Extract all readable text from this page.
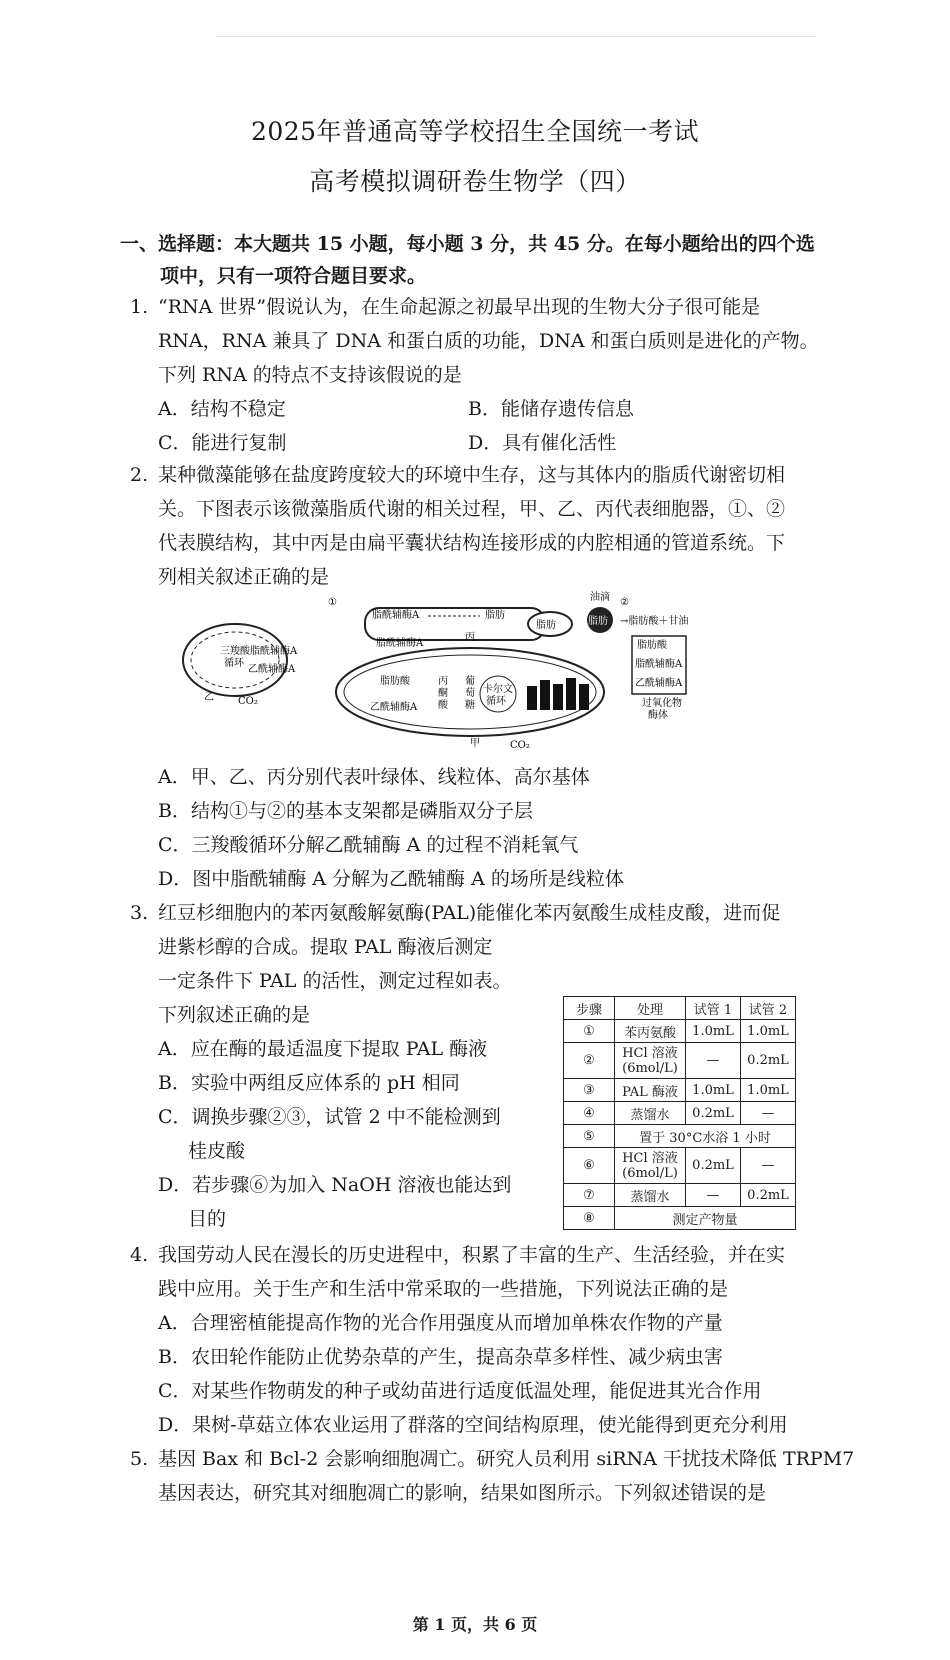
2025年普通高等学校招生全国统一考试
高考模拟调研卷生物学（四）
一、选择题：本大题共 15 小题，每小题 3 分，共 45 分。在每小题给出的四个选
项中，只有一项符合题目要求。
1. “RNA 世界”假说认为，在生命起源之初最早出现的生物大分子很可能是
RNA，RNA 兼具了 DNA 和蛋白质的功能，DNA 和蛋白质则是进化的产物。
下列 RNA 的特点不支持该假说的是
A．结构不稳定	B．能储存遗传信息
C．能进行复制	D．具有催化活性
2. 某种微藻能够在盐度跨度较大的环境中生存，这与其体内的脂质代谢密切相
关。下图表示该微藻脂质代谢的相关过程，甲、乙、丙代表细胞器，①、②
代表膜结构，其中丙是由扁平囊状结构连接形成的内腔相通的管道系统。下
列相关叙述正确的是
①
脂酰辅酶A	脂肪
脂肪
油滴
脂肪
②
→脂肪酸＋甘油
脂肪酸
脂酰辅酶A
乙酰辅酶A
过氧化物
酶体
脂酰辅酶A
丙
三羧酸
循环
脂酰辅酶A
乙酰辅酶A
乙 CO₂
脂肪酸
乙酰辅酶A
丙
酮
酸
葡
萄
糖
卡尔文
循环
甲	CO₂
A．甲、乙、丙分别代表叶绿体、线粒体、高尔基体
B．结构①与②的基本支架都是磷脂双分子层
C．三羧酸循环分解乙酰辅酶 A 的过程不消耗氧气
D．图中脂酰辅酶 A 分解为乙酰辅酶 A 的场所是线粒体
3. 红豆杉细胞内的苯丙氨酸解氨酶(PAL)能催化苯丙氨酸生成桂皮酸，进而促
进紫杉醇的合成。提取 PAL 酶液后测定
一定条件下 PAL 的活性，测定过程如表。
下列叙述正确的是
A．应在酶的最适温度下提取 PAL 酶液
B．实验中两组反应体系的 pH 相同
C．调换步骤②③，试管 2 中不能检测到
桂皮酸
D．若步骤⑥为加入 NaOH 溶液也能达到
目的
步骤	处理	试管 1	试管 2
①	苯丙氨酸	1.0mL	1.0mL
②	HCl 溶液
(6mol/L)	—	0.2mL
③	PAL 酶液	1.0mL	1.0mL
④	蒸馏水	0.2mL	—
⑤	置于 30°C水浴 1 小时		
⑥	HCl 溶液
(6mol/L)	0.2mL	—
⑦	蒸馏水	—	0.2mL
⑧	测定产物量		
4. 我国劳动人民在漫长的历史进程中，积累了丰富的生产、生活经验，并在实
践中应用。关于生产和生活中常采取的一些措施，下列说法正确的是
A．合理密植能提高作物的光合作用强度从而增加单株农作物的产量
B．农田轮作能防止优势杂草的产生，提高杂草多样性、减少病虫害
C．对某些作物萌发的种子或幼苗进行适度低温处理，能促进其光合作用
D．果树-草菇立体农业运用了群落的空间结构原理，使光能得到更充分利用
5. 基因 Bax 和 Bcl-2 会影响细胞凋亡。研究人员利用 siRNA 干扰技术降低 TRPM7
基因表达，研究其对细胞凋亡的影响，结果如图所示。下列叙述错误的是
第 1 页，共 6 页
